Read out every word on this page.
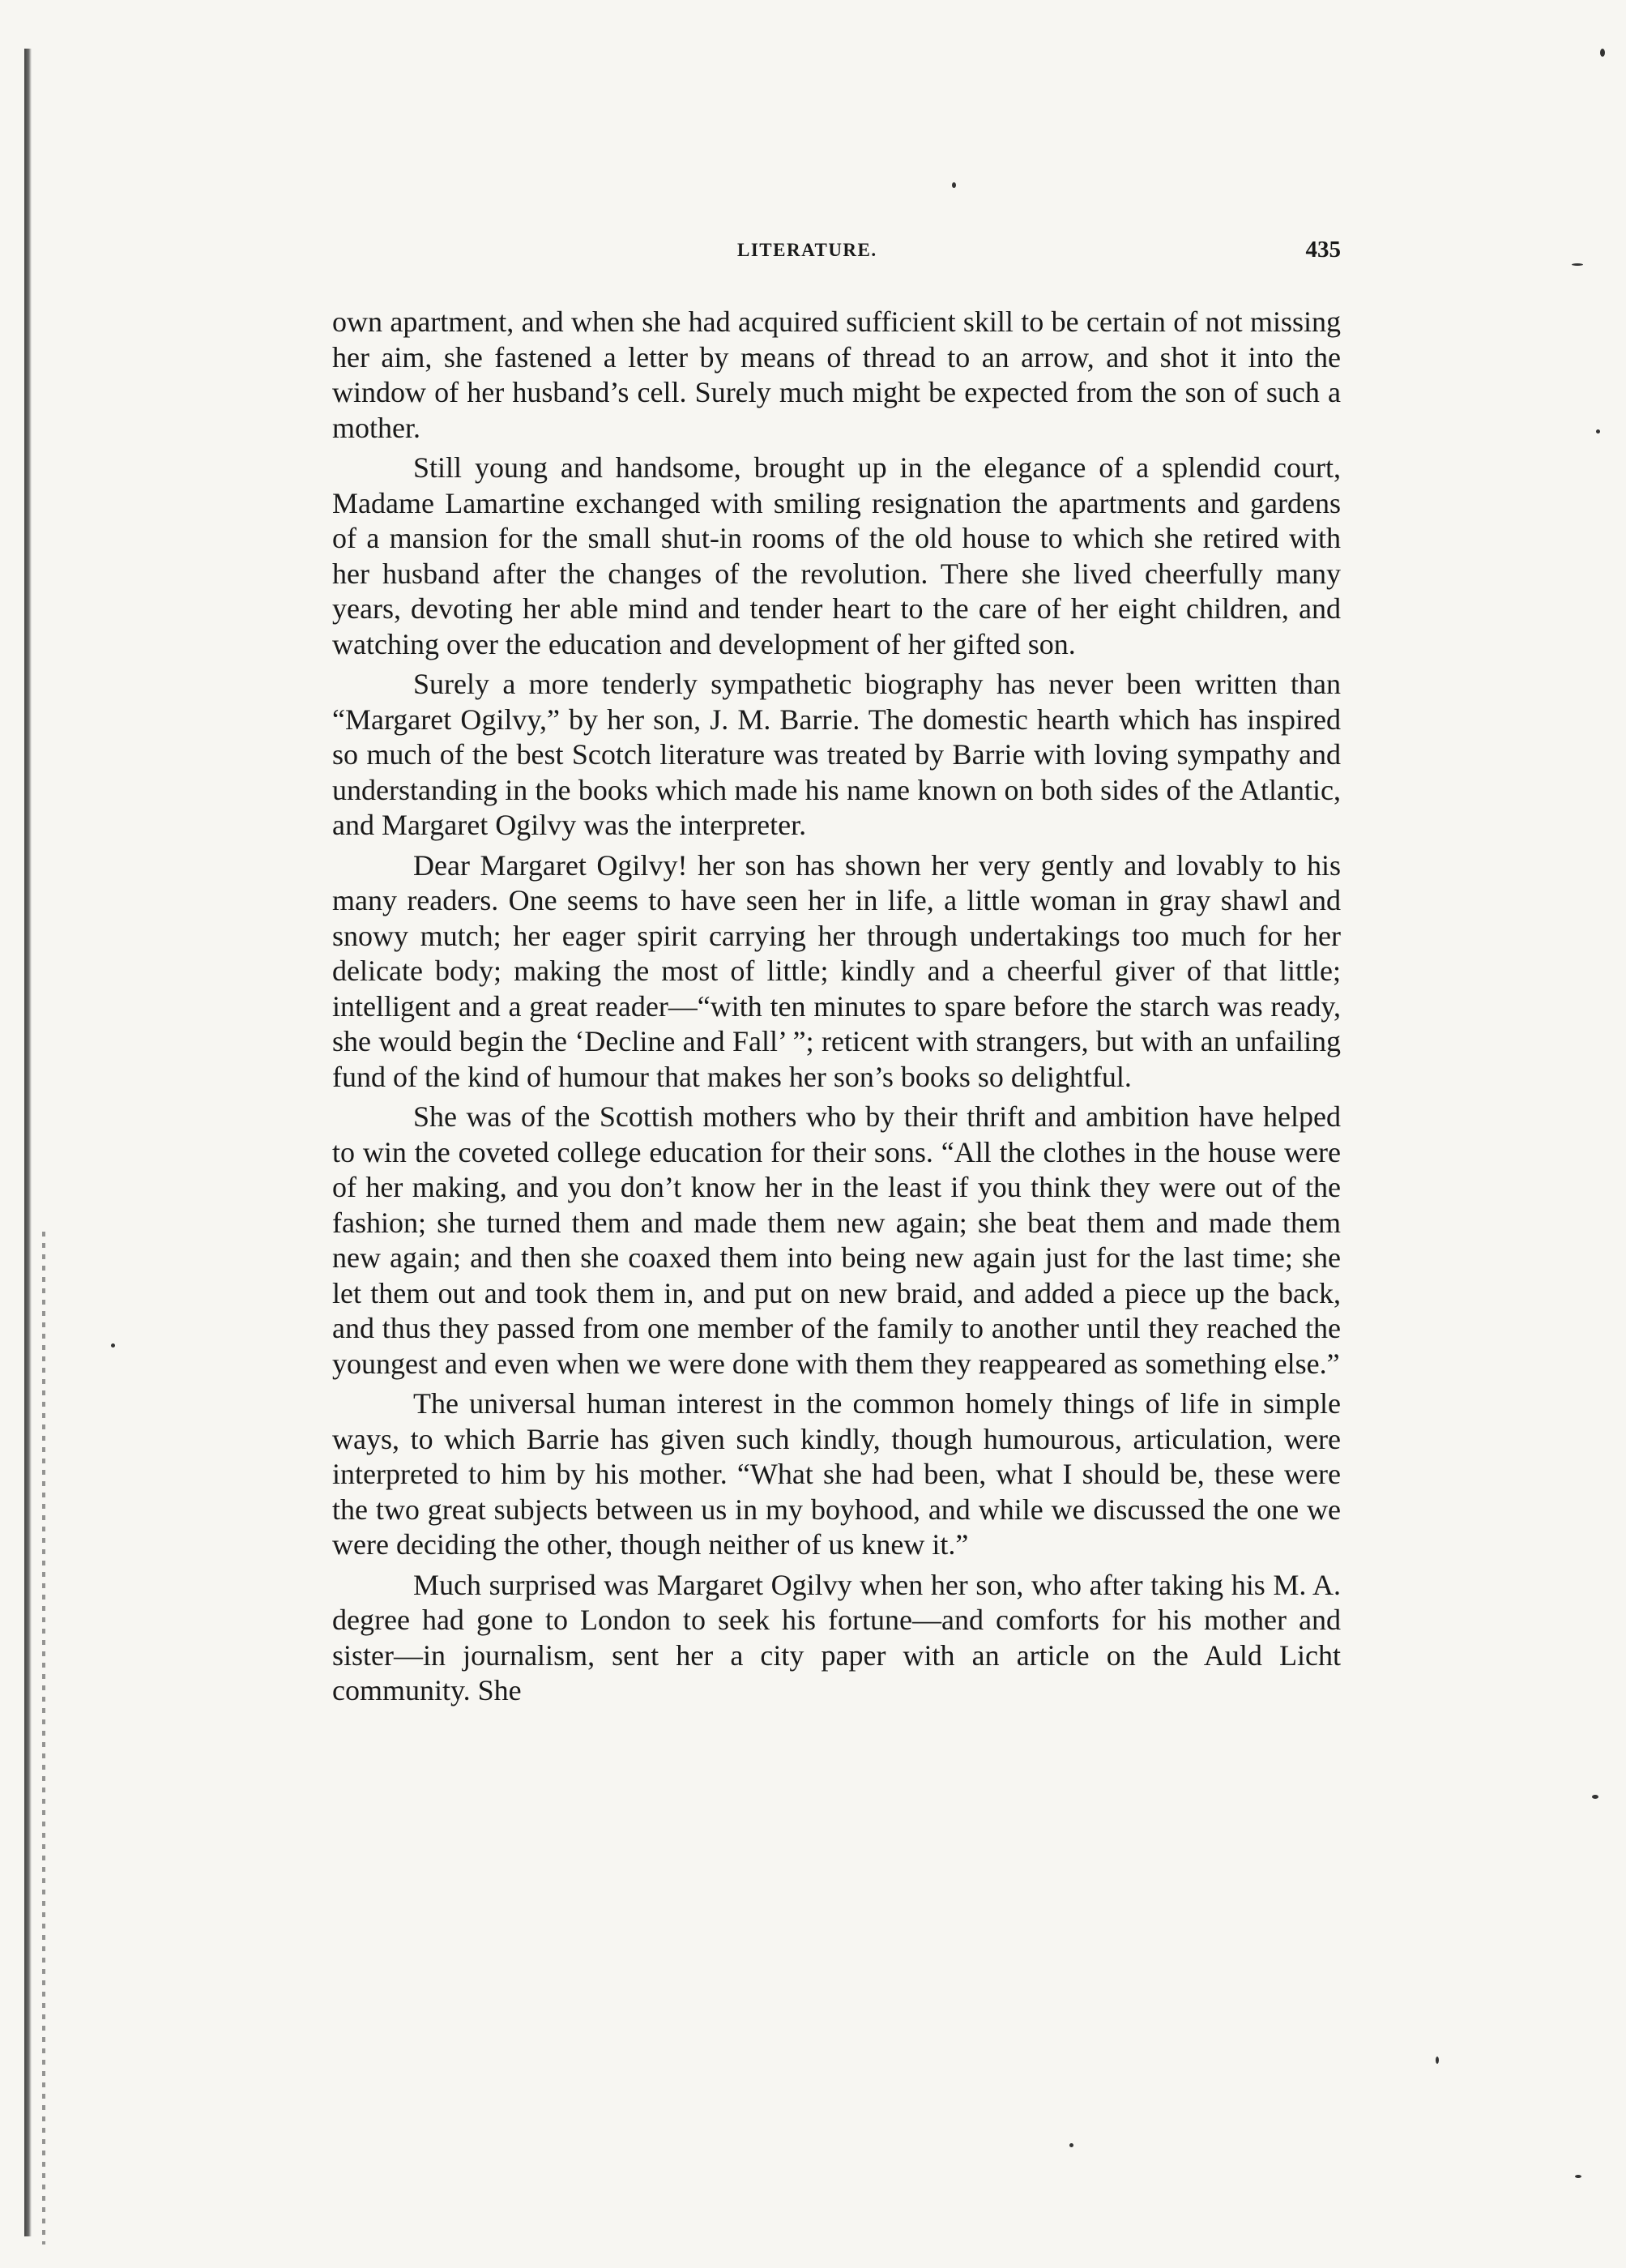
LITERATURE.	435

own apartment, and when she had acquired sufficient skill to be certain of not missing her aim, she fastened a letter by means of thread to an arrow, and shot it into the window of her husband’s cell. Surely much might be expected from the son of such a mother.

Still young and handsome, brought up in the elegance of a splendid court, Madame Lamartine exchanged with smiling resignation the apartments and gardens of a mansion for the small shut-in rooms of the old house to which she retired with her husband after the changes of the revolution. There she lived cheerfully many years, devoting her able mind and tender heart to the care of her eight children, and watching over the education and development of her gifted son.

Surely a more tenderly sympathetic biography has never been written than “Margaret Ogilvy,” by her son, J. M. Barrie. The domestic hearth which has inspired so much of the best Scotch literature was treated by Barrie with loving sympathy and understanding in the books which made his name known on both sides of the Atlantic, and Margaret Ogilvy was the interpreter.

Dear Margaret Ogilvy! her son has shown her very gently and lovably to his many readers. One seems to have seen her in life, a little woman in gray shawl and snowy mutch; her eager spirit carrying her through undertakings too much for her delicate body; making the most of little; kindly and a cheerful giver of that little; intelligent and a great reader—“with ten minutes to spare before the starch was ready, she would begin the ‘Decline and Fall’ ”; reticent with strangers, but with an unfailing fund of the kind of humour that makes her son’s books so delightful.

She was of the Scottish mothers who by their thrift and ambition have helped to win the coveted college education for their sons. “All the clothes in the house were of her making, and you don’t know her in the least if you think they were out of the fashion; she turned them and made them new again; she beat them and made them new again; and then she coaxed them into being new again just for the last time; she let them out and took them in, and put on new braid, and added a piece up the back, and thus they passed from one member of the family to another until they reached the youngest and even when we were done with them they reappeared as something else.”

The universal human interest in the common homely things of life in simple ways, to which Barrie has given such kindly, though humourous, articulation, were interpreted to him by his mother. “What she had been, what I should be, these were the two great subjects between us in my boyhood, and while we discussed the one we were deciding the other, though neither of us knew it.”

Much surprised was Margaret Ogilvy when her son, who after taking his M. A. degree had gone to London to seek his fortune—and comforts for his mother and sister—in journalism, sent her a city paper with an article on the Auld Licht community. She
